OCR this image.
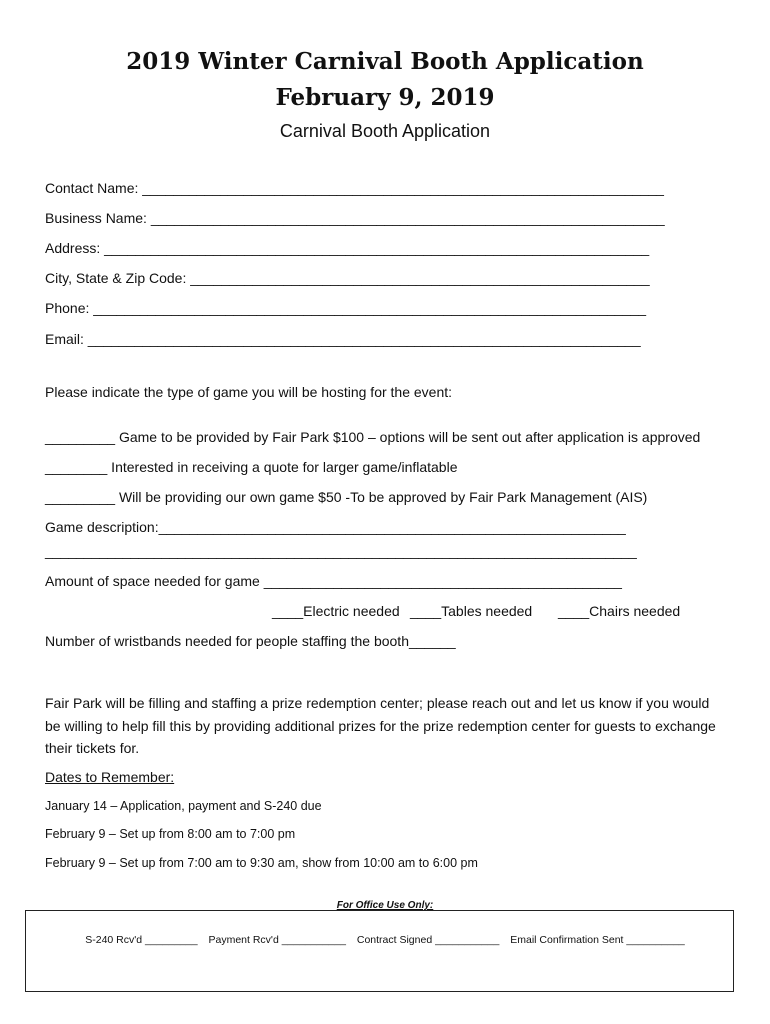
2019 Winter Carnival Booth Application
February 9, 2019
Carnival Booth Application
Contact Name: ___________________________________________________________________
Business Name: __________________________________________________________________
Address: ______________________________________________________________________
City, State & Zip Code: ___________________________________________________________
Phone: _______________________________________________________________________
Email: _______________________________________________________________________
Please indicate the type of game you will be hosting for the event:
_________ Game to be provided by Fair Park $100 – options will be sent out after application is approved
________ Interested in receiving a quote for larger game/inflatable
_________ Will be providing our own game $50 -To be approved by Fair Park Management (AIS)
Game description:____________________________________________________________
____________________________________________________________________________
Amount of space needed for game ______________________________________________
____Electric needed ____Tables needed ____Chairs needed
Number of wristbands needed for people staffing the booth______
Fair Park will be filling and staffing a prize redemption center; please reach out and let us know if you would be willing to help fill this by providing additional prizes for the prize redemption center for guests to exchange their tickets for.
Dates to Remember:
January 14 – Application, payment and S-240 due
February 9 – Set up from 8:00 am to 7:00 pm
February 9 – Set up from 7:00 am to 9:30 am, show from 10:00 am to 6:00 pm
For Office Use Only:
S-240 Rcv'd _________ Payment Rcv'd ___________ Contract Signed ___________ Email Confirmation Sent __________
